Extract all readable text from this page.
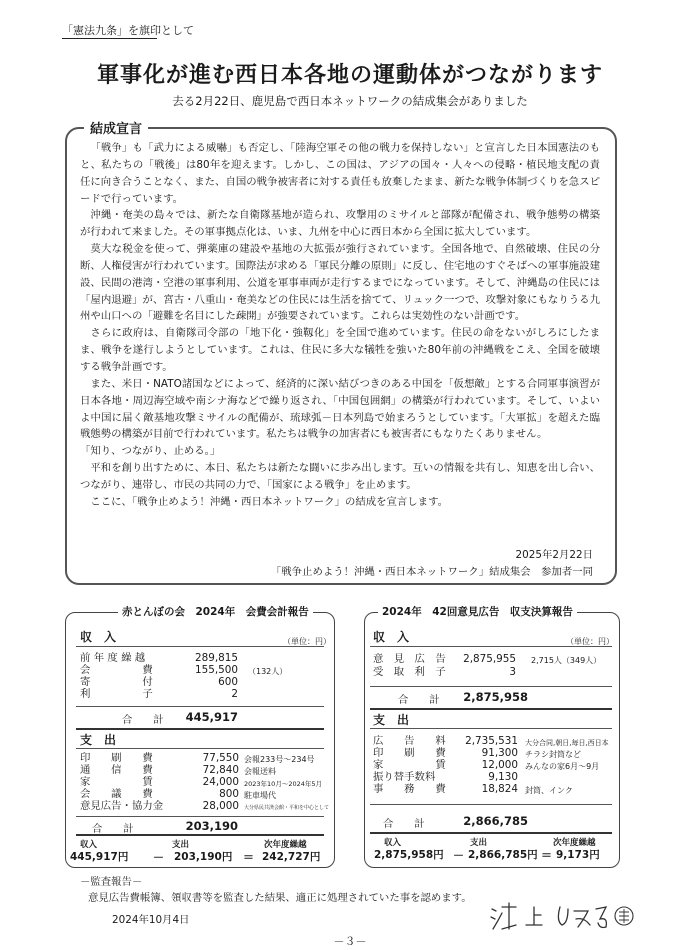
「憲法九条」を旗印として
軍事化が進む西日本各地の運動体がつながります
去る2月22日、鹿児島で西日本ネットワークの結成集会がありました
結成宣言

「戦争」も「武力による威嚇」も否定し、「陸海空軍その他の戦力を保持しない」と宣言した日本国憲法のもと、私たちの「戦後」は80年を迎えます。しかし、この国は、アジアの国々・人々への侵略・植民地支配の責任に向き合うことなく、また、自国の戦争被害者に対する責任も放棄したまま、新たな戦争体制づくりを急スピードで行っています。

沖縄・奄美の島々では、新たな自衛隊基地が造られ、攻撃用のミサイルと部隊が配備され、戦争態勢の構築が行われて来ました。その軍事拠点化は、いま、九州を中心に西日本から全国に拡大しています。

莫大な税金を使って、弾薬庫の建設や基地の大拡張が強行されています。全国各地で、自然破壊、住民の分断、人権侵害が行われています。国際法が求める「軍民分離の原則」に反し、住宅地のすぐそばへの軍事施設建設、民間の港湾・空港の軍事利用、公道を軍事車両が走行するまでになっています。そして、沖縄島の住民には「屋内退避」が、宮古・八重山・奄美などの住民には生活を捨てて、リュック一つで、攻撃対象にもなりうる九州や山口への「避難を名目にした疎開」が強要されています。これらは実効性のない計画です。

さらに政府は、自衛隊司令部の「地下化・強靱化」を全国で進めています。住民の命をないがしろにしたまま、戦争を遂行しようとしています。これは、住民に多大な犠牲を強いた80年前の沖縄戦をこえ、全国を破壊する戦争計画です。

また、米日・NATO諸国などによって、経済的に深い結びつきのある中国を「仮想敵」とする合同軍事演習が日本各地・周辺海空域や南シナ海などで繰り返され、「中国包囲網」の構築が行われています。そして、いよいよ中国に届く敵基地攻撃ミサイルの配備が、琉球弧－日本列島で始まろうとしています。「大軍拡」を超えた臨戦態勢の構築が目前で行われています。私たちは戦争の加害者にも被害者にもなりたくありません。

「知り、つながり、止める。」

平和を創り出すために、本日、私たちは新たな闘いに歩み出します。互いの情報を共有し、知恵を出し合い、つながり、連帯し、市民の共同の力で、「国家による戦争」を止めます。

ここに、「戦争止めよう！沖縄・西日本ネットワーク」の結成を宣言します。

2025年2月22日
「戦争止めよう！沖縄・西日本ネットワーク」結成集会　参加者一同
赤とんぼの会　2024年　会費会計報告
収　入	（単位：円）
前 年 度 繰 越	289,815
会　　　　　費	155,500 （132人）
寄　　　　　付	600
利　　　　　子	2
合　　計	445,917
支　出
印　　刷　　費	77,550 会報233号～234号
通　　信　　費	72,840 会報送料
家　　　　　賃	24,000 2023年10月～2024年5月
会　　議　　費	800 駐車場代
意見広告・協力金	28,000 大分県民共済会館・平和を中心として
合　　計	203,190
収入	支出	次年度繰越
445,917円 － 203,190円 ＝ 242,727円
2024年　42回意見広告　収支決算報告
収　入	（単位：円）
意　見　広　告 2,875,955 2,715人（349人）
受　取　利　子	3
合　　計	2,875,958
支　出
広　　告　　料 2,735,531 大分合同,朝日,毎日,西日本
印　　刷　　費	91,300 チラシ封筒など
家　　　　　賃	12,000 みんなの家6月～9月
振り替手数料	9,130
事　　務　　費	18,824 封筒、インク
合　　計	2,866,785
収入	支出	次年度繰越
2,875,958円 － 2,866,785円 ＝ 9,173円
－監査報告－
意見広告費帳簿、領収書等を監査した結果、適正に処理されていた事を認めます。
2024年10月4日
－３－
